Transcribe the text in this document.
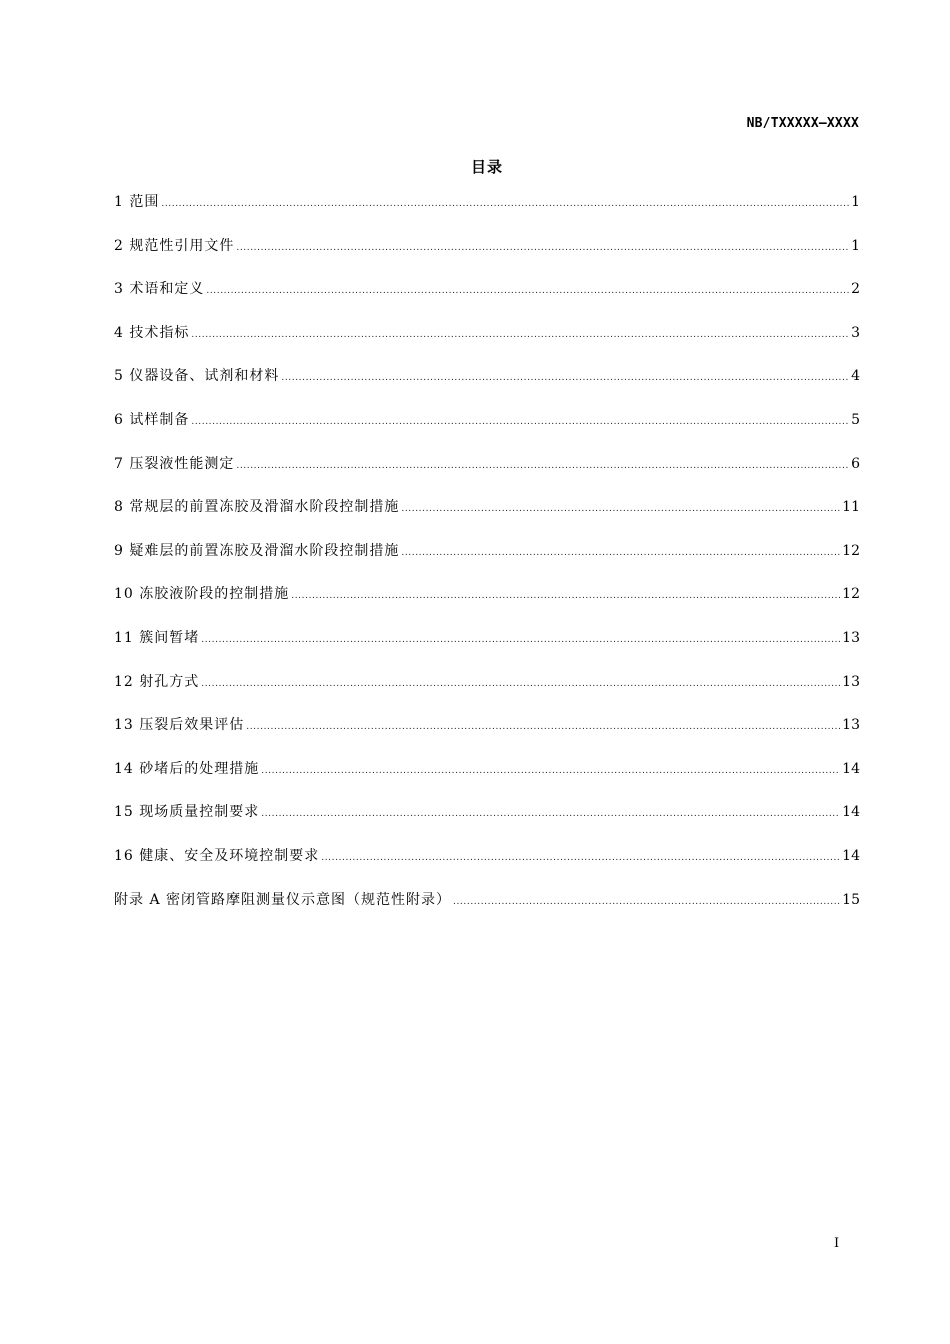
NB/TXXXXX—XXXX
目录
1 范围 .....	1
2 规范性引用文件 .....	1
3 术语和定义 .....	2
4 技术指标 .....	3
5 仪器设备、试剂和材料 .....	4
6 试样制备 .....	5
7 压裂液性能测定 .....	6
8 常规层的前置冻胶及滑溜水阶段控制措施 .....	11
9 疑难层的前置冻胶及滑溜水阶段控制措施 .....	12
10 冻胶液阶段的控制措施 .....	12
11 簇间暂堵 .....	13
12 射孔方式 .....	13
13 压裂后效果评估 .....	13
14 砂堵后的处理措施 .....	14
15 现场质量控制要求 .....	14
16 健康、安全及环境控制要求 .....	14
附录 A 密闭管路摩阻测量仪示意图（规范性附录） .....	15
I
